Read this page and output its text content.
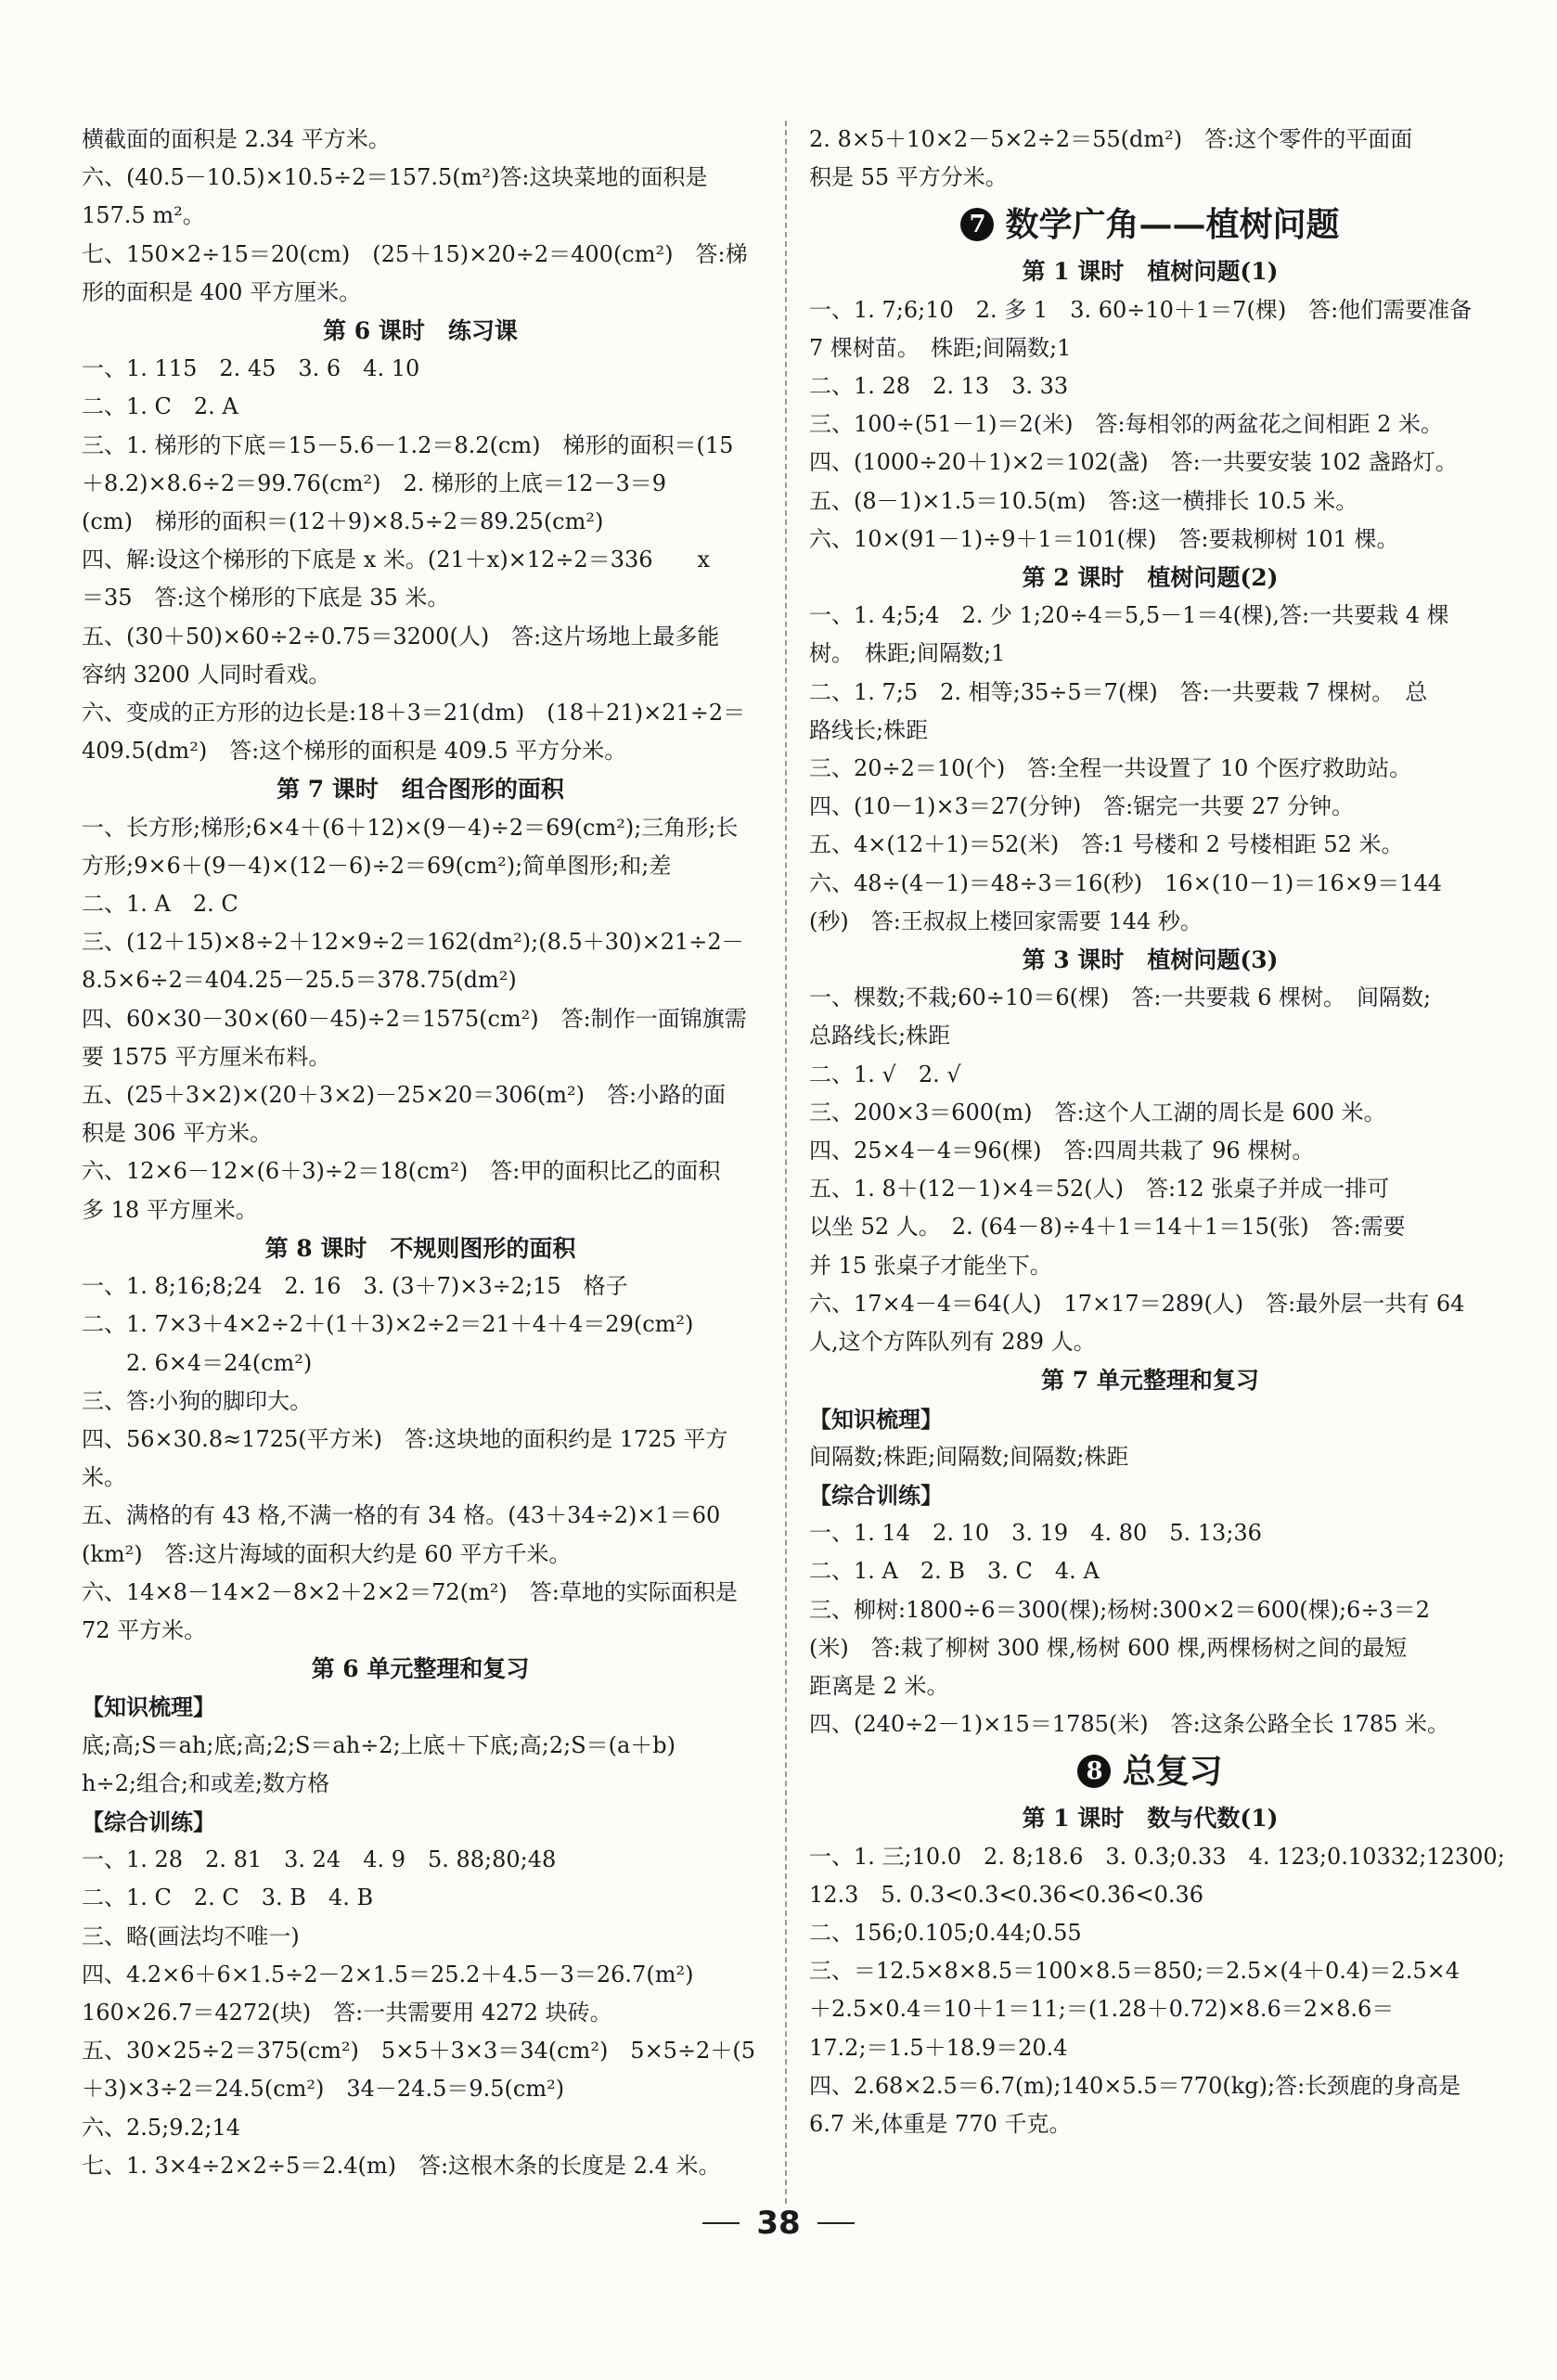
横截面的面积是 2.34 平方米。
六、(40.5－10.5)×10.5÷2＝157.5(m²)答:这块菜地的面积是
157.5 m²。
七、150×2÷15＝20(cm)　(25＋15)×20÷2＝400(cm²)　答:梯
形的面积是 400 平方厘米。
第 6 课时　练习课
一、1. 115　2. 45　3. 6　4. 10
二、1. C　2. A
三、1. 梯形的下底＝15－5.6－1.2＝8.2(cm)　梯形的面积＝(15
＋8.2)×8.6÷2＝99.76(cm²)　2. 梯形的上底＝12－3＝9
(cm)　梯形的面积＝(12＋9)×8.5÷2＝89.25(cm²)
四、解:设这个梯形的下底是 x 米。(21＋x)×12÷2＝336　　x
＝35　答:这个梯形的下底是 35 米。
五、(30＋50)×60÷2÷0.75＝3200(人)　答:这片场地上最多能
容纳 3200 人同时看戏。
六、变成的正方形的边长是:18＋3＝21(dm)　(18＋21)×21÷2＝
409.5(dm²)　答:这个梯形的面积是 409.5 平方分米。
第 7 课时　组合图形的面积
一、长方形;梯形;6×4＋(6＋12)×(9－4)÷2＝69(cm²);三角形;长
方形;9×6＋(9－4)×(12－6)÷2＝69(cm²);简单图形;和;差
二、1. A　2. C
三、(12＋15)×8÷2＋12×9÷2＝162(dm²);(8.5＋30)×21÷2－
8.5×6÷2＝404.25－25.5＝378.75(dm²)
四、60×30－30×(60－45)÷2＝1575(cm²)　答:制作一面锦旗需
要 1575 平方厘米布料。
五、(25＋3×2)×(20＋3×2)－25×20＝306(m²)　答:小路的面
积是 306 平方米。
六、12×6－12×(6＋3)÷2＝18(cm²)　答:甲的面积比乙的面积
多 18 平方厘米。
第 8 课时　不规则图形的面积
一、1. 8;16;8;24　2. 16　3. (3＋7)×3÷2;15　格子
二、1. 7×3＋4×2÷2＋(1＋3)×2÷2＝21＋4＋4＝29(cm²)
　　2. 6×4＝24(cm²)
三、答:小狗的脚印大。
四、56×30.8≈1725(平方米)　答:这块地的面积约是 1725 平方
米。
五、满格的有 43 格,不满一格的有 34 格。(43＋34÷2)×1＝60
(km²)　答:这片海域的面积大约是 60 平方千米。
六、14×8－14×2－8×2＋2×2＝72(m²)　答:草地的实际面积是
72 平方米。
第 6 单元整理和复习
【知识梳理】
底;高;S＝ah;底;高;2;S＝ah÷2;上底＋下底;高;2;S＝(a＋b)
h÷2;组合;和或差;数方格
【综合训练】
一、1. 28　2. 81　3. 24　4. 9　5. 88;80;48
二、1. C　2. C　3. B　4. B
三、略(画法均不唯一)
四、4.2×6＋6×1.5÷2－2×1.5＝25.2＋4.5－3＝26.7(m²)
160×26.7＝4272(块)　答:一共需要用 4272 块砖。
五、30×25÷2＝375(cm²)　5×5＋3×3＝34(cm²)　5×5÷2＋(5
＋3)×3÷2＝24.5(cm²)　34－24.5＝9.5(cm²)
六、2.5;9.2;14
七、1. 3×4÷2×2÷5＝2.4(m)　答:这根木条的长度是 2.4 米。
2. 8×5＋10×2－5×2÷2＝55(dm²)　答:这个零件的平面面
积是 55 平方分米。
7 数学广角——植树问题
第 1 课时　植树问题(1)
一、1. 7;6;10　2. 多 1　3. 60÷10＋1＝7(棵)　答:他们需要准备
7 棵树苗。　株距;间隔数;1
二、1. 28　2. 13　3. 33
三、100÷(51－1)＝2(米)　答:每相邻的两盆花之间相距 2 米。
四、(1000÷20＋1)×2＝102(盏)　答:一共要安装 102 盏路灯。
五、(8－1)×1.5＝10.5(m)　答:这一横排长 10.5 米。
六、10×(91－1)÷9＋1＝101(棵)　答:要栽柳树 101 棵。
第 2 课时　植树问题(2)
一、1. 4;5;4　2. 少 1;20÷4＝5,5－1＝4(棵),答:一共要栽 4 棵
树。　株距;间隔数;1
二、1. 7;5　2. 相等;35÷5＝7(棵)　答:一共要栽 7 棵树。　总
路线长;株距
三、20÷2＝10(个)　答:全程一共设置了 10 个医疗救助站。
四、(10－1)×3＝27(分钟)　答:锯完一共要 27 分钟。
五、4×(12＋1)＝52(米)　答:1 号楼和 2 号楼相距 52 米。
六、48÷(4－1)＝48÷3＝16(秒)　16×(10－1)＝16×9＝144
(秒)　答:王叔叔上楼回家需要 144 秒。
第 3 课时　植树问题(3)
一、棵数;不栽;60÷10＝6(棵)　答:一共要栽 6 棵树。　间隔数;
总路线长;株距
二、1. √　2. √
三、200×3＝600(m)　答:这个人工湖的周长是 600 米。
四、25×4－4＝96(棵)　答:四周共栽了 96 棵树。
五、1. 8＋(12－1)×4＝52(人)　答:12 张桌子并成一排可
以坐 52 人。　2. (64－8)÷4＋1＝14＋1＝15(张)　答:需要
并 15 张桌子才能坐下。
六、17×4－4＝64(人)　17×17＝289(人)　答:最外层一共有 64
人,这个方阵队列有 289 人。
第 7 单元整理和复习
【知识梳理】
间隔数;株距;间隔数;间隔数;株距
【综合训练】
一、1. 14　2. 10　3. 19　4. 80　5. 13;36
二、1. A　2. B　3. C　4. A
三、柳树:1800÷6＝300(棵);杨树:300×2＝600(棵);6÷3＝2
(米)　答:栽了柳树 300 棵,杨树 600 棵,两棵杨树之间的最短
距离是 2 米。
四、(240÷2－1)×15＝1785(米)　答:这条公路全长 1785 米。
8 总复习
第 1 课时　数与代数(1)
一、1. 三;10.0　2. 8;18.6　3. 0.3̇;0.33　4. 123;0.10332;12300;
12.3　5. 0.3<0.3̇<0.36<0.3̇6̇<0.36̇
二、156;0.105;0.44;0.55
三、＝12.5×8×8.5＝100×8.5＝850;＝2.5×(4＋0.4)＝2.5×4
＋2.5×0.4＝10＋1＝11;＝(1.28＋0.72)×8.6＝2×8.6＝
17.2;＝1.5＋18.9＝20.4
四、2.68×2.5＝6.7(m);140×5.5＝770(kg);答:长颈鹿的身高是
6.7 米,体重是 770 千克。
38
